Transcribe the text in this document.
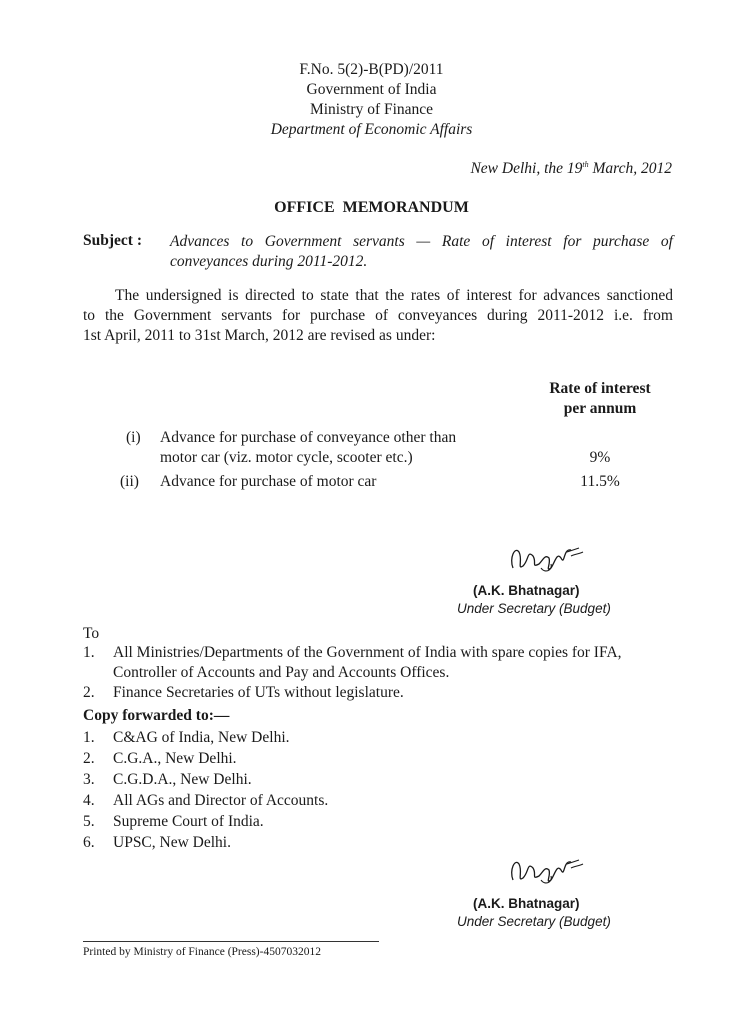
F.No. 5(2)-B(PD)/2011
Government of India
Ministry of Finance
Department of Economic Affairs
New Delhi, the 19th March, 2012
OFFICE  MEMORANDUM
Subject : Advances to Government servants — Rate of interest for purchase of
conveyances during 2011-2012.
The undersigned is directed to state that the rates of interest for advances sanctioned
to the Government servants for purchase of conveyances during 2011-2012 i.e. from
1st April, 2011 to 31st March, 2012 are revised as under:
Rate of interest
per annum
(i) Advance for purchase of conveyance other than
motor car (viz. motor cycle, scooter etc.)	9%
(ii) Advance for purchase of motor car	11.5%
(A.K. Bhatnagar)
Under Secretary (Budget)
To
1. All Ministries/Departments of the Government of India with spare copies for IFA,
Controller of Accounts and Pay and Accounts Offices.
2. Finance Secretaries of UTs without legislature.
Copy forwarded to:—
1. C&AG of India, New Delhi.
2. C.G.A., New Delhi.
3. C.G.D.A., New Delhi.
4. All AGs and Director of Accounts.
5. Supreme Court of India.
6. UPSC, New Delhi.
(A.K. Bhatnagar)
Under Secretary (Budget)
Printed by Ministry of Finance (Press)-4507032012
